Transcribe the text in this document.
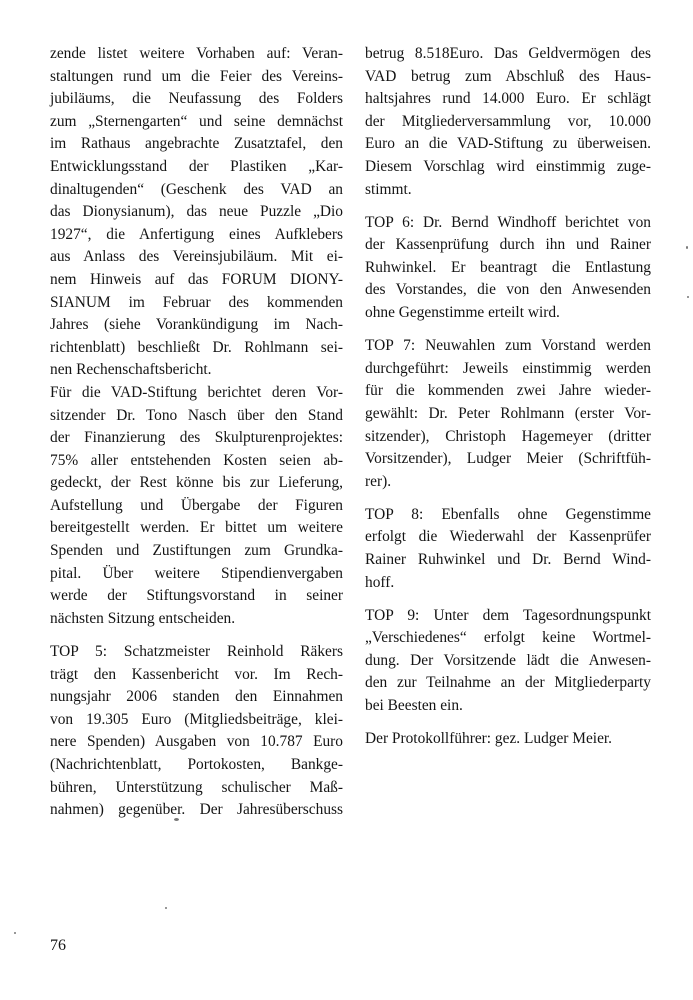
zende listet weitere Vorhaben auf: Veran-
staltungen rund um die Feier des Vereins-
jubiläums, die Neufassung des Folders
zum „Sternengarten“ und seine demnächst
im Rathaus angebrachte Zusatztafel, den
Entwicklungsstand der Plastiken „Kar-
dinaltugenden“ (Geschenk des VAD an
das Dionysianum), das neue Puzzle „Dio
1927“, die Anfertigung eines Aufklebers
aus Anlass des Vereinsjubiläum. Mit ei-
nem Hinweis auf das FORUM DIONY-
SIANUM im Februar des kommenden
Jahres (siehe Vorankündigung im Nach-
richtenblatt) beschließt Dr. Rohlmann sei-
nen Rechenschaftsbericht.
Für die VAD-Stiftung berichtet deren Vor-
sitzender Dr. Tono Nasch über den Stand
der Finanzierung des Skulpturenprojektes:
75% aller entstehenden Kosten seien ab-
gedeckt, der Rest könne bis zur Lieferung,
Aufstellung und Übergabe der Figuren
bereitgestellt werden. Er bittet um weitere
Spenden und Zustiftungen zum Grundka-
pital. Über weitere Stipendienvergaben
werde der Stiftungsvorstand in seiner
nächsten Sitzung entscheiden.
TOP 5: Schatzmeister Reinhold Räkers
trägt den Kassenbericht vor. Im Rech-
nungsjahr 2006 standen den Einnahmen
von 19.305 Euro (Mitgliedsbeiträge, klei-
nere Spenden) Ausgaben von 10.787 Euro
(Nachrichtenblatt, Portokosten, Bankge-
bühren, Unterstützung schulischer Maß-
nahmen) gegenüber. Der Jahresüberschuss
betrug 8.518Euro. Das Geldvermögen des
VAD betrug zum Abschluß des Haus-
haltsjahres rund 14.000 Euro. Er schlägt
der Mitgliederversammlung vor, 10.000
Euro an die VAD-Stiftung zu überweisen.
Diesem Vorschlag wird einstimmig zuge-
stimmt.
TOP 6: Dr. Bernd Windhoff berichtet von
der Kassenprüfung durch ihn und Rainer
Ruhwinkel. Er beantragt die Entlastung
des Vorstandes, die von den Anwesenden
ohne Gegenstimme erteilt wird.
TOP 7: Neuwahlen zum Vorstand werden
durchgeführt: Jeweils einstimmig werden
für die kommenden zwei Jahre wieder-
gewählt: Dr. Peter Rohlmann (erster Vor-
sitzender), Christoph Hagemeyer (dritter
Vorsitzender), Ludger Meier (Schriftfüh-
rer).
TOP 8: Ebenfalls ohne Gegenstimme
erfolgt die Wiederwahl der Kassenprüfer
Rainer Ruhwinkel und Dr. Bernd Wind-
hoff.
TOP 9: Unter dem Tagesordnungspunkt
„Verschiedenes“ erfolgt keine Wortmel-
dung. Der Vorsitzende lädt die Anwesen-
den zur Teilnahme an der Mitgliederparty
bei Beesten ein.
Der Protokollführer: gez. Ludger Meier.
76
